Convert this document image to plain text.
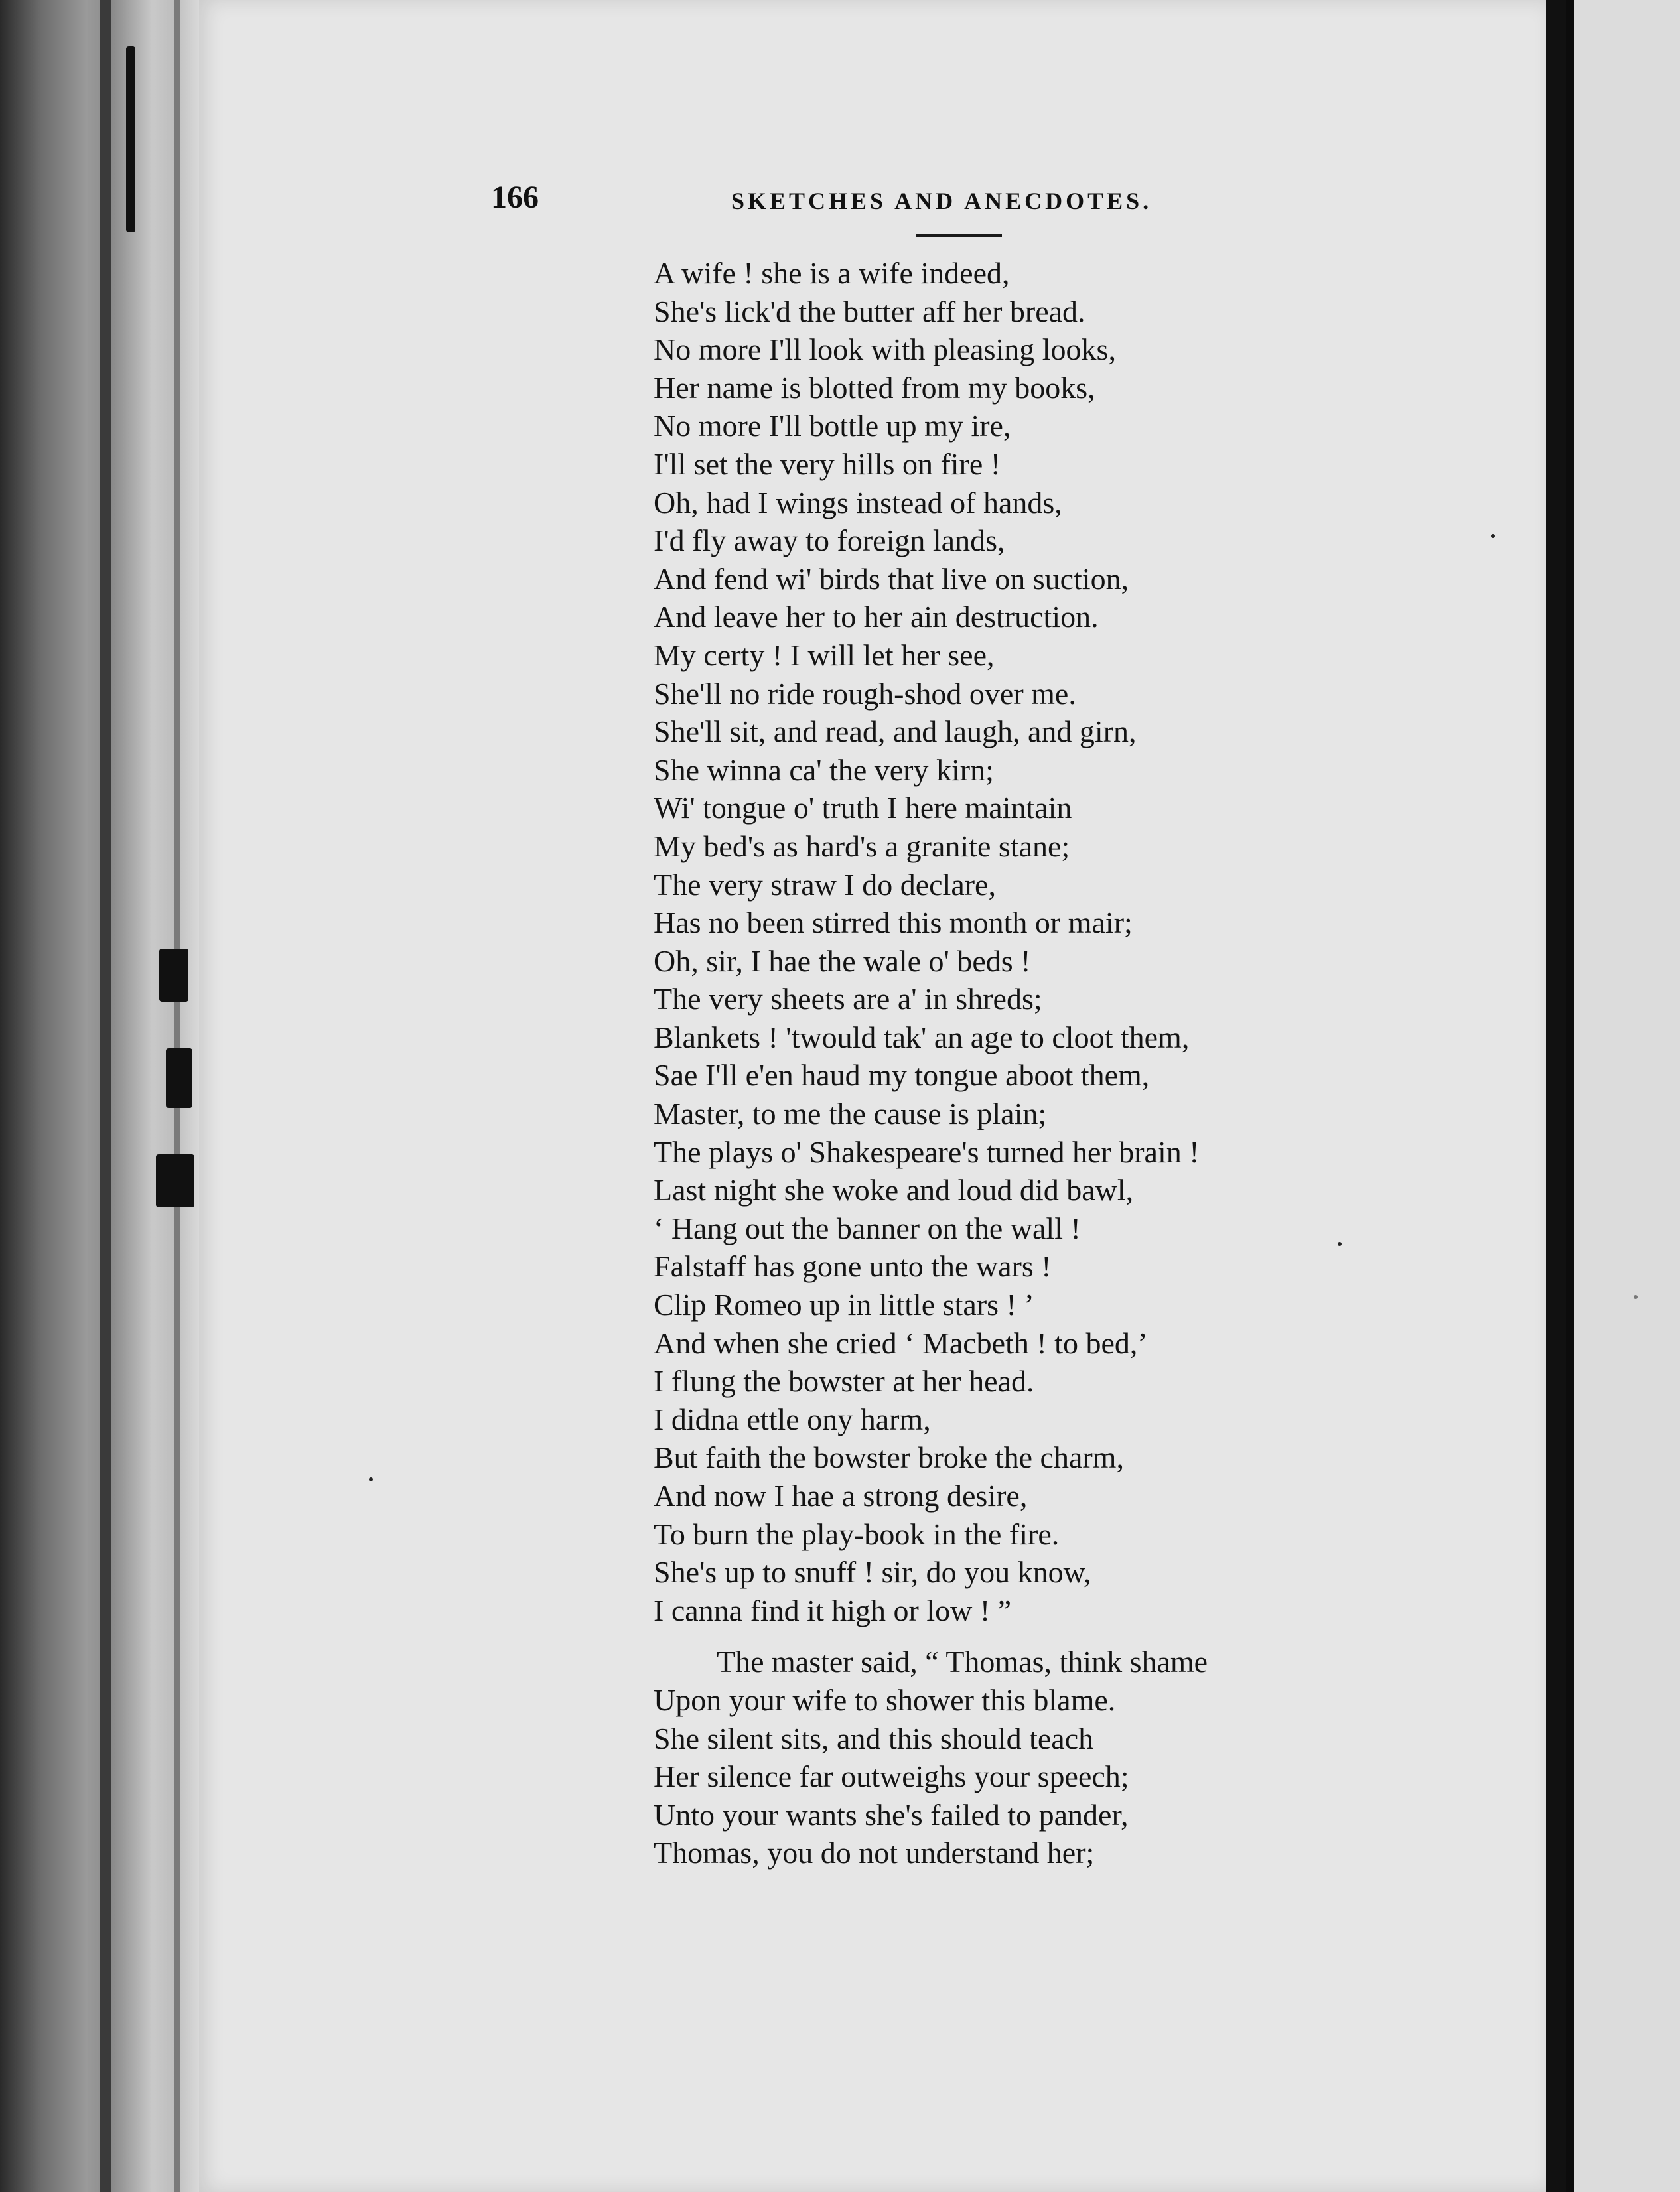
166	SKETCHES AND ANECDOTES.
A wife ! she is a wife indeed,
She's lick'd the butter aff her bread.
No more I'll look with pleasing looks,
Her name is blotted from my books,
No more I'll bottle up my ire,
I'll set the very hills on fire !
Oh, had I wings instead of hands,
I'd fly away to foreign lands,
And fend wi' birds that live on suction,
And leave her to her ain destruction.
My certy ! I will let her see,
She'll no ride rough-shod over me.
She'll sit, and read, and laugh, and girn,
She winna ca' the very kirn;
Wi' tongue o' truth I here maintain
My bed's as hard's a granite stane;
The very straw I do declare,
Has no been stirred this month or mair;
Oh, sir, I hae the wale o' beds !
The very sheets are a' in shreds;
Blankets ! 'twould tak' an age to cloot them,
Sae I'll e'en haud my tongue aboot them,
Master, to me the cause is plain;
The plays o' Shakespeare's turned her brain !
Last night she woke and loud did bawl,
‘ Hang out the banner on the wall !
Falstaff has gone unto the wars !
Clip Romeo up in little stars ! ’
And when she cried ‘ Macbeth ! to bed,’
I flung the bowster at her head.
I didna ettle ony harm,
But faith the bowster broke the charm,
And now I hae a strong desire,
To burn the play-book in the fire.
She's up to snuff ! sir, do you know,
I canna find it high or low ! ”
The master said, “ Thomas, think shame
Upon your wife to shower this blame.
She silent sits, and this should teach
Her silence far outweighs your speech;
Unto your wants she's failed to pander,
Thomas, you do not understand her;
